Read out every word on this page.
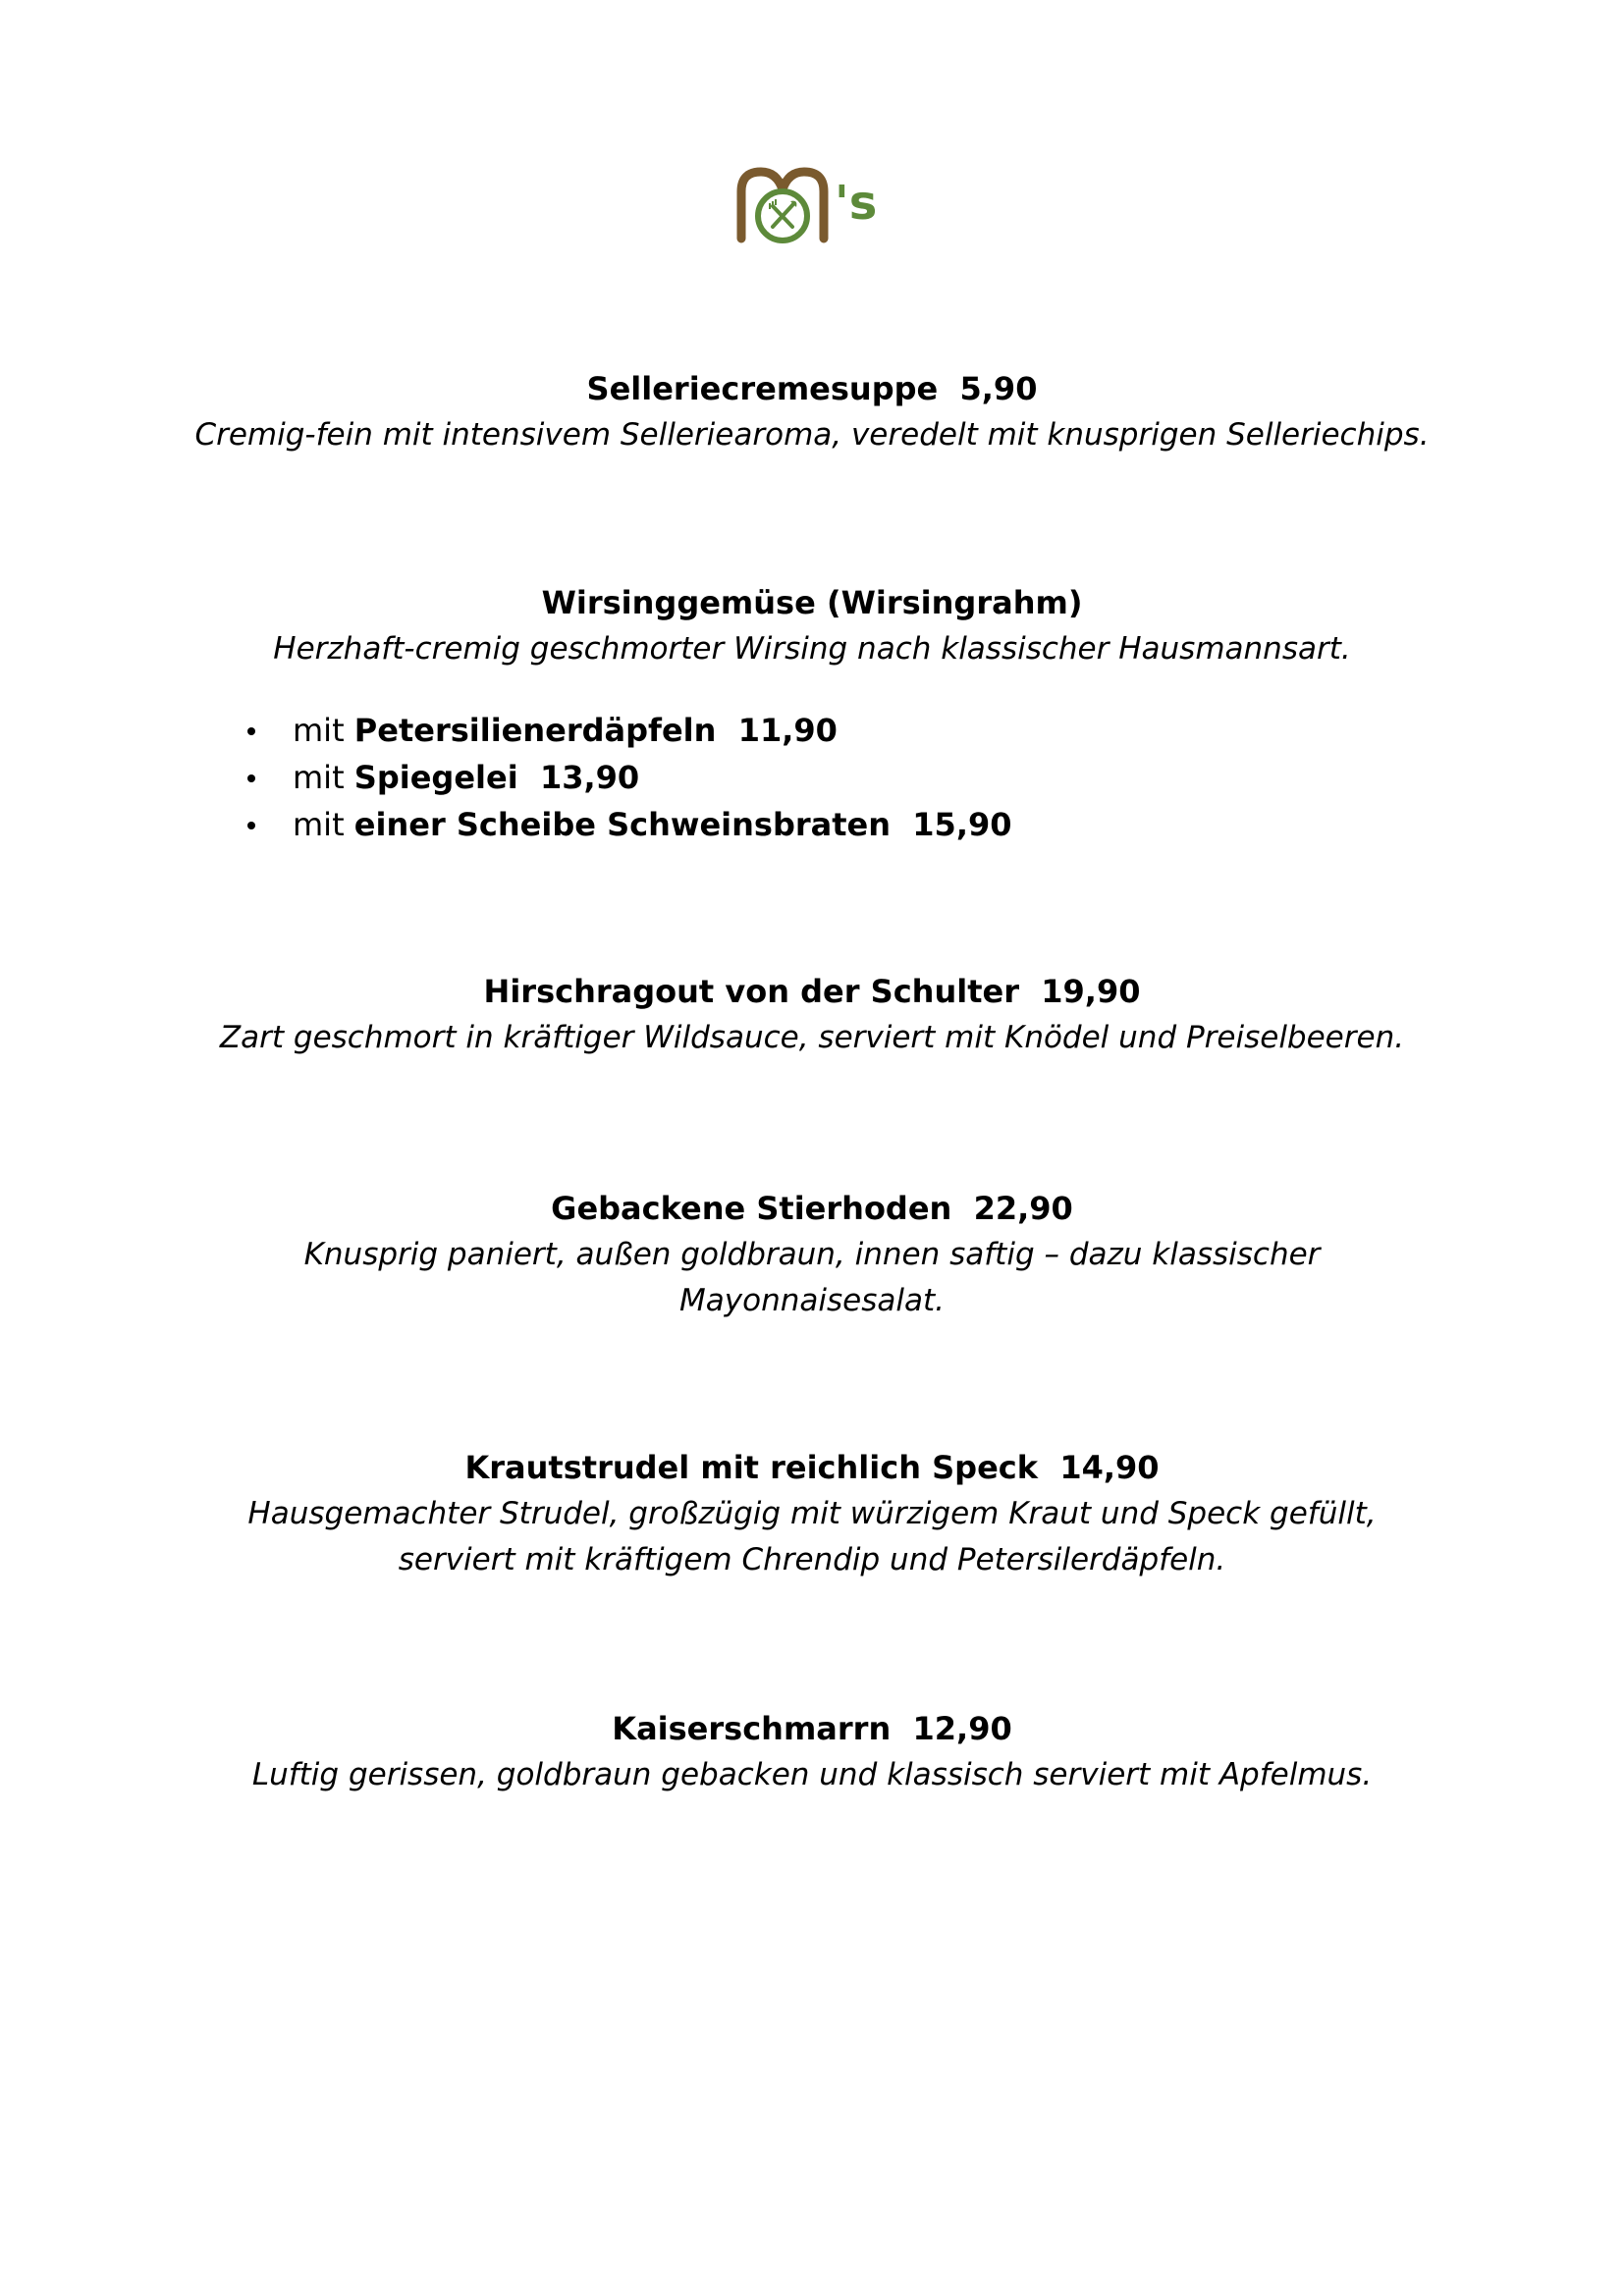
's
Selleriecremesuppe  5,90
Cremig-fein mit intensivem Sellerieаroma, veredelt mit knusprigen Selleriechips.
Wirsinggemüse (Wirsingrahm)
Herzhaft-cremig geschmorter Wirsing nach klassischer Hausmannsart.
mit Petersilienerdäpfeln  11,90
mit Spiegelei  13,90
mit einer Scheibe Schweinsbraten  15,90
Hirschragout von der Schulter  19,90
Zart geschmort in kräftiger Wildsauce, serviert mit Knödel und Preiselbeeren.
Gebackene Stierhoden  22,90
Knusprig paniert, außen goldbraun, innen saftig – dazu klassischer
Mayonnaisesalat.
Krautstrudel mit reichlich Speck  14,90
Hausgemachter Strudel, großzügig mit würzigem Kraut und Speck gefüllt,
serviert mit kräftigem Chrendip und Petersilerdäpfeln.
Kaiserschmarrn  12,90
Luftig gerissen, goldbraun gebacken und klassisch serviert mit Apfelmus.
